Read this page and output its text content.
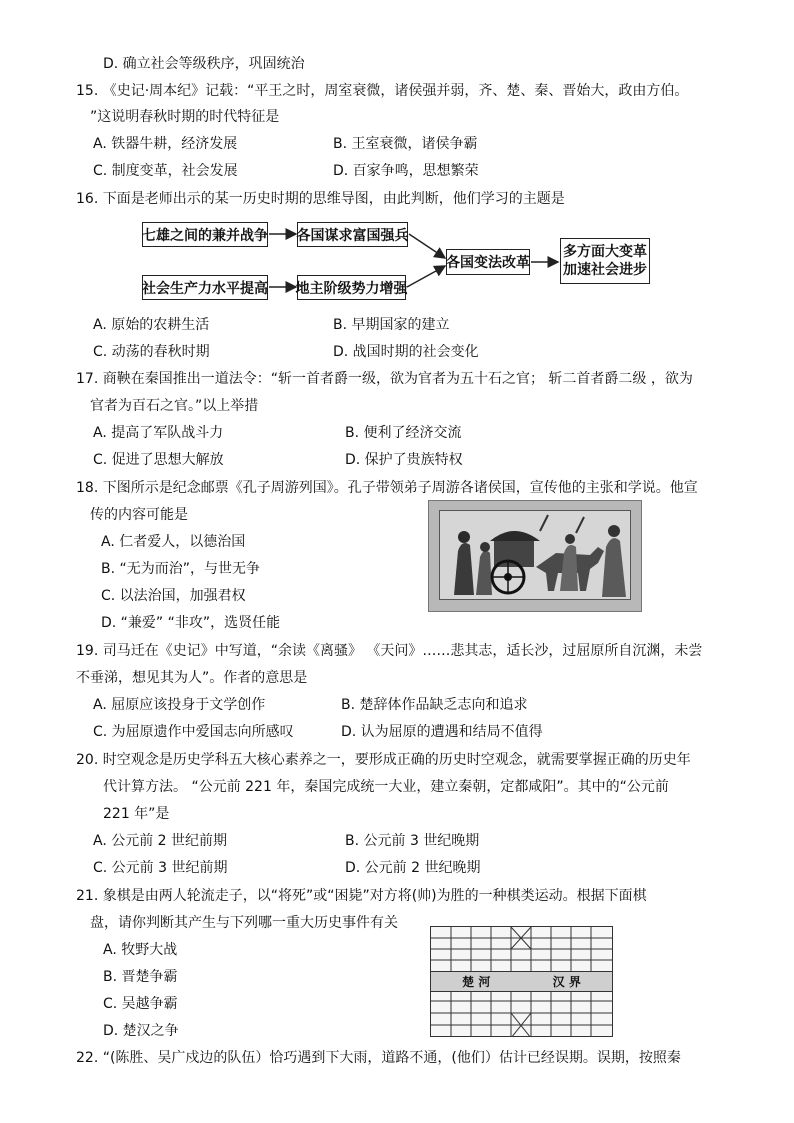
D. 确立社会等级秩序，巩固统治
15. 《史记·周本纪》记载：“平王之时，周室衰微，诸侯强并弱，齐、楚、秦、晋始大，政由方伯。
”这说明春秋时期的时代特征是
A. 铁器牛耕，经济发展	B. 王室衰微，诸侯争霸
C. 制度变革，社会发展	D. 百家争鸣，思想繁荣
16. 下面是老师出示的某一历史时期的思维导图，由此判断，他们学习的主题是
七雄之间的兼并战争 各国谋求富国强兵
社会生产力水平提高 地主阶级势力增强
各国变法改革
多方面大变革
加速社会进步
A. 原始的农耕生活	B. 早期国家的建立
C. 动荡的春秋时期	D. 战国时期的社会变化
17. 商鞅在秦国推出一道法令：“斩一首者爵一级，欲为官者为五十石之官； 斩二首者爵二级 ，欲为
官者为百石之官。”以上举措
A. 提高了军队战斗力	B. 便利了经济交流
C. 促进了思想大解放	D. 保护了贵族特权
18. 下图所示是纪念邮票《孔子周游列国》。孔子带领弟子周游各诸侯国，宣传他的主张和学说。他宣
传的内容可能是
A. 仁者爱人，以德治国
B. “无为而治”，与世无争
C. 以法治国，加强君权
D. “兼爱” “非攻”，选贤任能
19. 司马迁在《史记》中写道，“余读《离骚》 《天问》……悲其志，适长沙，过屈原所自沉渊，未尝
不垂涕，想见其为人”。作者的意思是
A. 屈原应该投身于文学创作	B. 楚辞体作品缺乏志向和追求
C. 为屈原遗作中爱国志向所感叹	D. 认为屈原的遭遇和结局不值得
20. 时空观念是历史学科五大核心素养之一，要形成正确的历史时空观念，就需要掌握正确的历史年
代计算方法。 “公元前 221 年，秦国完成统一大业，建立秦朝，定都咸阳”。其中的“公元前
221 年”是
A. 公元前 2 世纪前期	B. 公元前 3 世纪晚期
C. 公元前 3 世纪前期	D. 公元前 2 世纪晚期
21. 象棋是由两人轮流走子，以“将死”或“困毙”对方将(帅)为胜的一种棋类运动。根据下面棋
盘，请你判断其产生与下列哪一重大历史事件有关
A. 牧野大战
B. 晋楚争霸
C. 吴越争霸
D. 楚汉之争
楚 河	汉 界
22. “(陈胜、吴广戍边的队伍）恰巧遇到下大雨，道路不通，(他们）估计已经误期。误期，按照秦
